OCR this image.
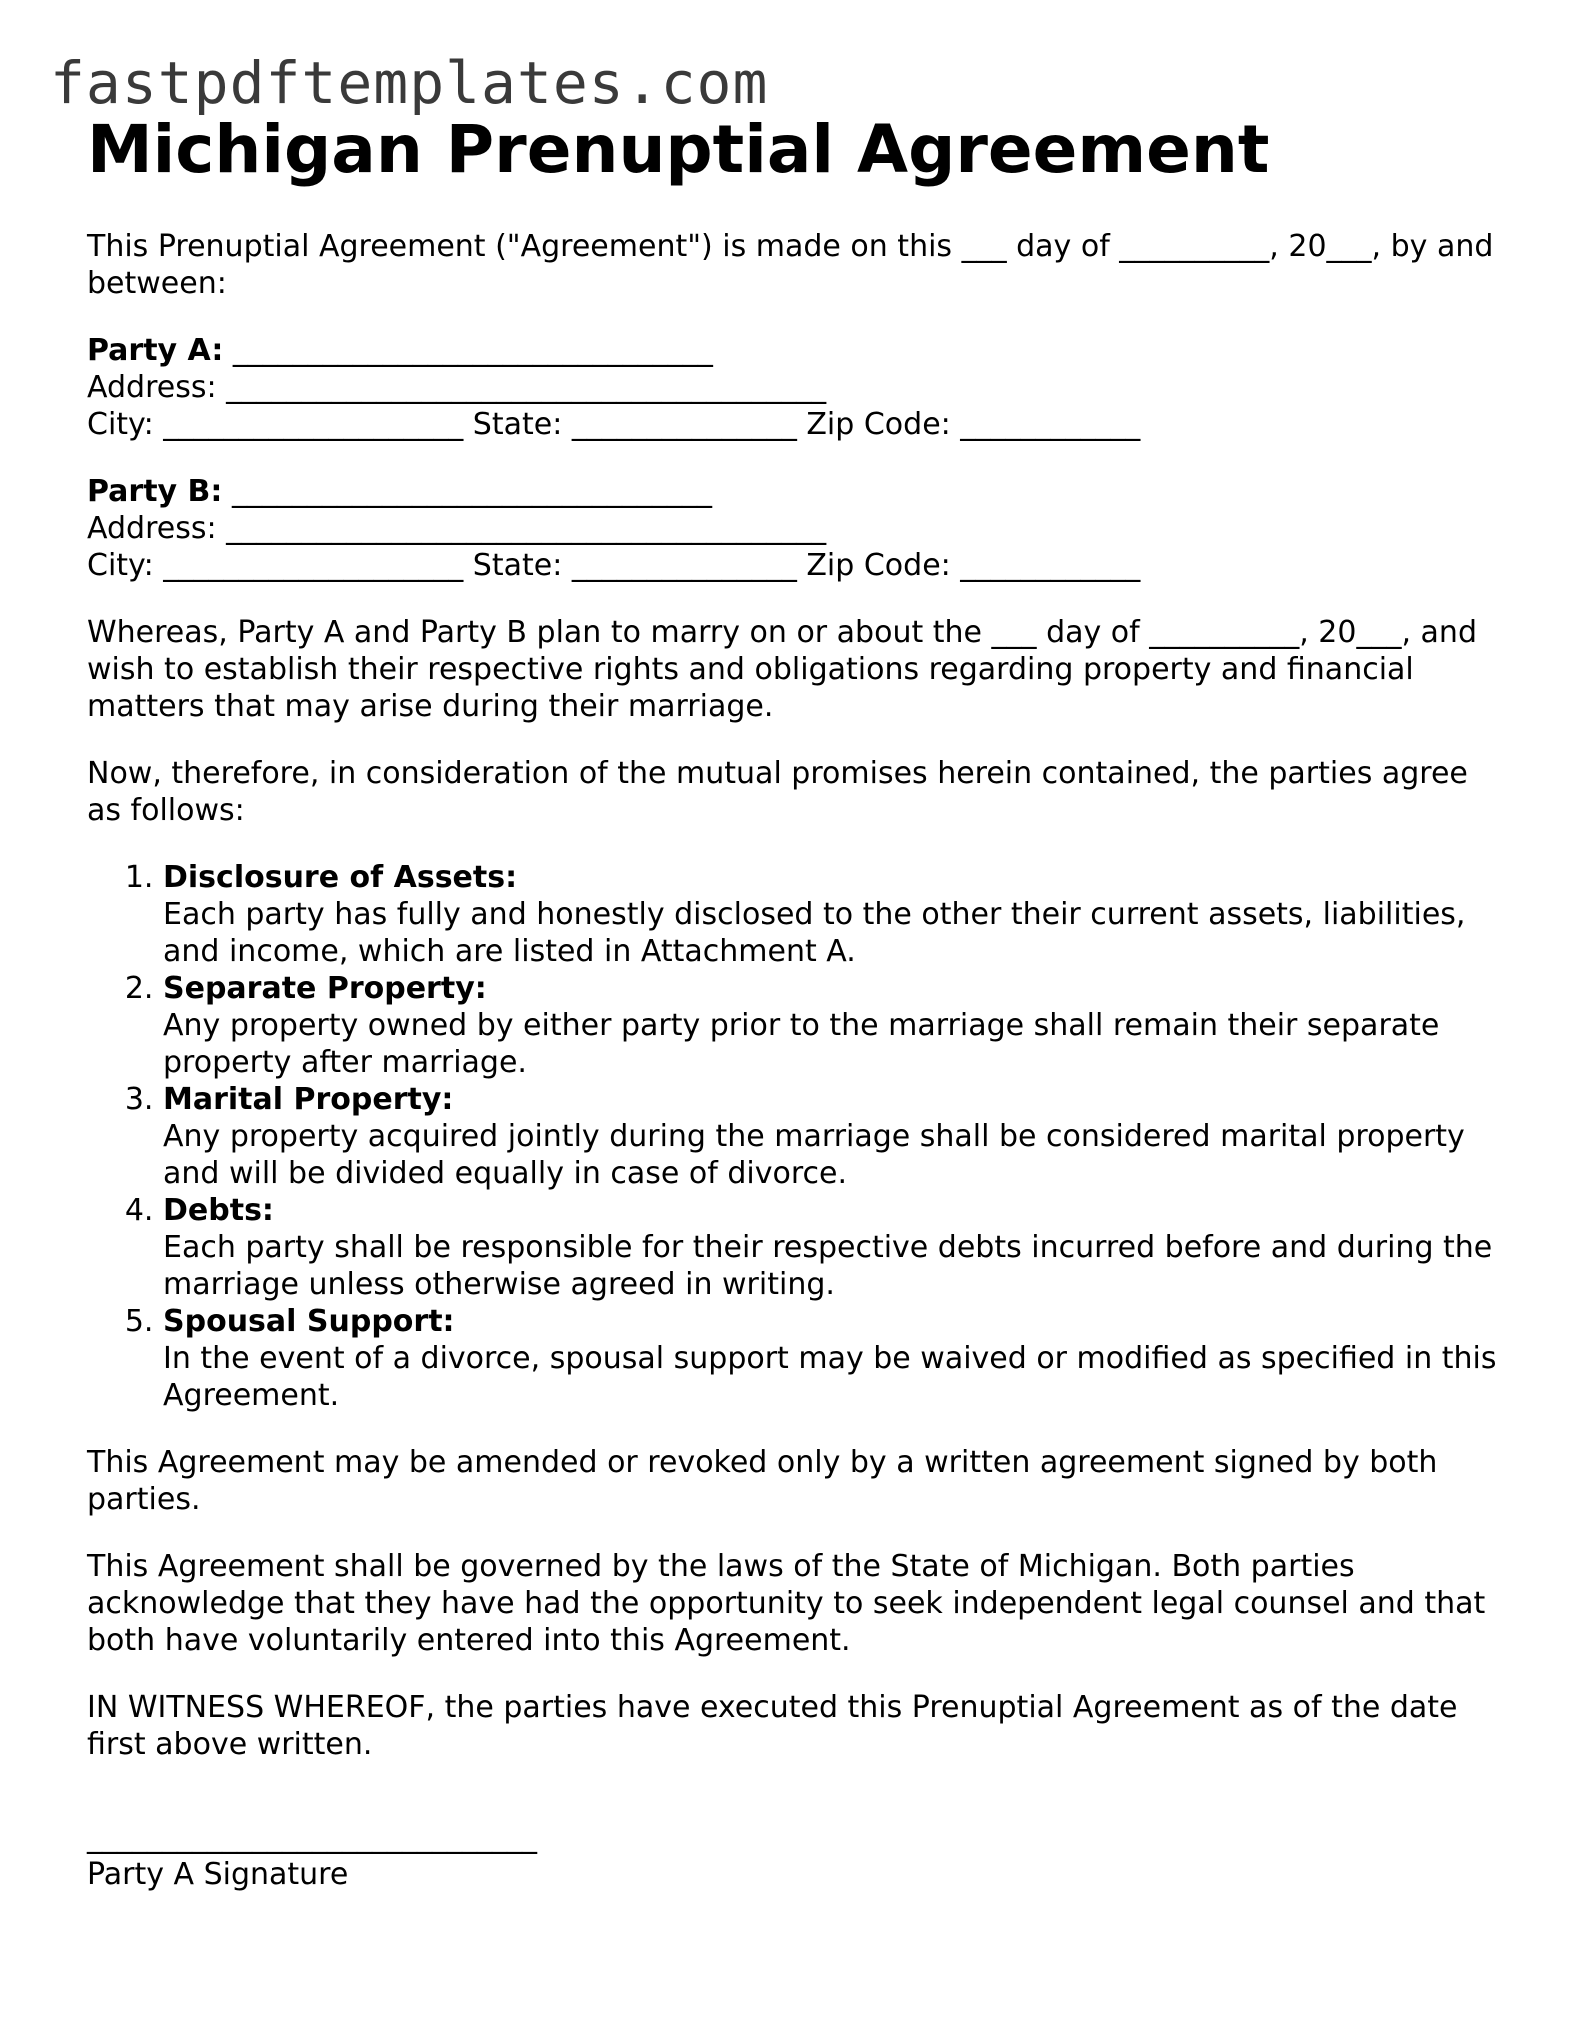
fastpdftemplates.com
Michigan Prenuptial Agreement

This Prenuptial Agreement ("Agreement") is made on this ___ day of __________, 20___, by and between:

Party A: ________________________________
Address: ________________________________________
City: ____________________ State: _______________ Zip Code: ____________
Party B: ________________________________
Address: ________________________________________
City: ____________________ State: _______________ Zip Code: ____________

Whereas, Party A and Party B plan to marry on or about the ___ day of __________, 20___, and wish to establish their respective rights and obligations regarding property and financial matters that may arise during their marriage.

Now, therefore, in consideration of the mutual promises herein contained, the parties agree as follows:

1. Disclosure of Assets:
Each party has fully and honestly disclosed to the other their current assets, liabilities, and income, which are listed in Attachment A.
2. Separate Property:
Any property owned by either party prior to the marriage shall remain their separate property after marriage.
3. Marital Property:
Any property acquired jointly during the marriage shall be considered marital property and will be divided equally in case of divorce.
4. Debts:
Each party shall be responsible for their respective debts incurred before and during the marriage unless otherwise agreed in writing.
5. Spousal Support:
In the event of a divorce, spousal support may be waived or modified as specified in this Agreement.

This Agreement may be amended or revoked only by a written agreement signed by both parties.

This Agreement shall be governed by the laws of the State of Michigan. Both parties acknowledge that they have had the opportunity to seek independent legal counsel and that both have voluntarily entered into this Agreement.

IN WITNESS WHEREOF, the parties have executed this Prenuptial Agreement as of the date first above written.

______________________________
Party A Signature
